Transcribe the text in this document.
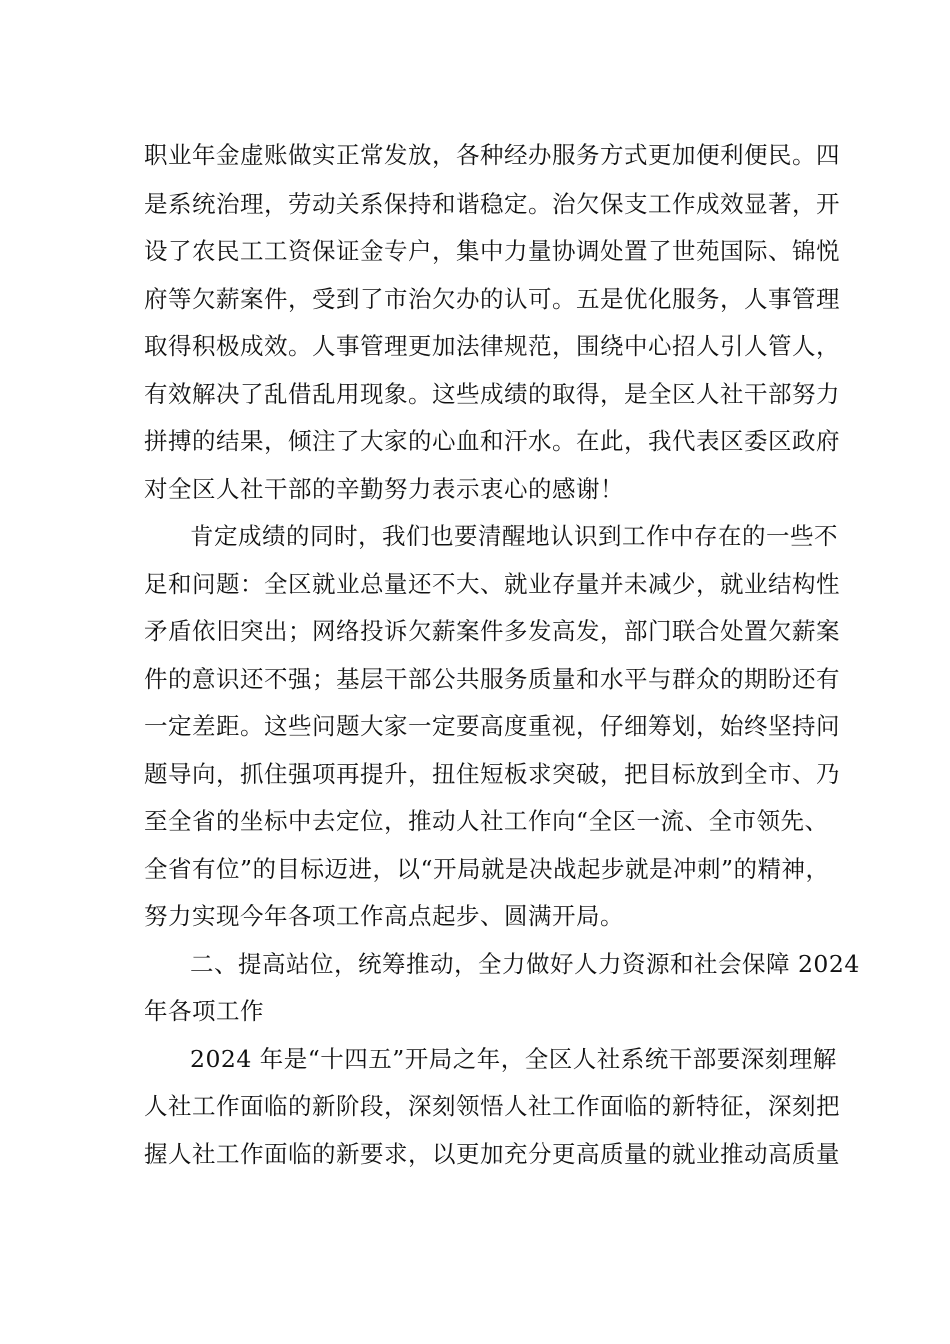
职业年金虚账做实正常发放，各种经办服务方式更加便利便民。四
是系统治理，劳动关系保持和谐稳定。治欠保支工作成效显著，开
设了农民工工资保证金专户，集中力量协调处置了世苑国际、锦悦
府等欠薪案件，受到了市治欠办的认可。五是优化服务，人事管理
取得积极成效。人事管理更加法律规范，围绕中心招人引人管人，
有效解决了乱借乱用现象。这些成绩的取得，是全区人社干部努力
拼搏的结果，倾注了大家的心血和汗水。在此，我代表区委区政府
对全区人社干部的辛勤努力表示衷心的感谢！
肯定成绩的同时，我们也要清醒地认识到工作中存在的一些不
足和问题：全区就业总量还不大、就业存量并未减少，就业结构性
矛盾依旧突出；网络投诉欠薪案件多发高发，部门联合处置欠薪案
件的意识还不强；基层干部公共服务质量和水平与群众的期盼还有
一定差距。这些问题大家一定要高度重视，仔细筹划，始终坚持问
题导向，抓住强项再提升，扭住短板求突破，把目标放到全市、乃
至全省的坐标中去定位，推动人社工作向“全区一流、全市领先、
全省有位”的目标迈进，以“开局就是决战起步就是冲刺”的精神，
努力实现今年各项工作高点起步、圆满开局。
二、提高站位，统筹推动，全力做好人力资源和社会保障 2024
年各项工作
2024 年是“十四五”开局之年，全区人社系统干部要深刻理解
人社工作面临的新阶段，深刻领悟人社工作面临的新特征，深刻把
握人社工作面临的新要求，以更加充分更高质量的就业推动高质量
